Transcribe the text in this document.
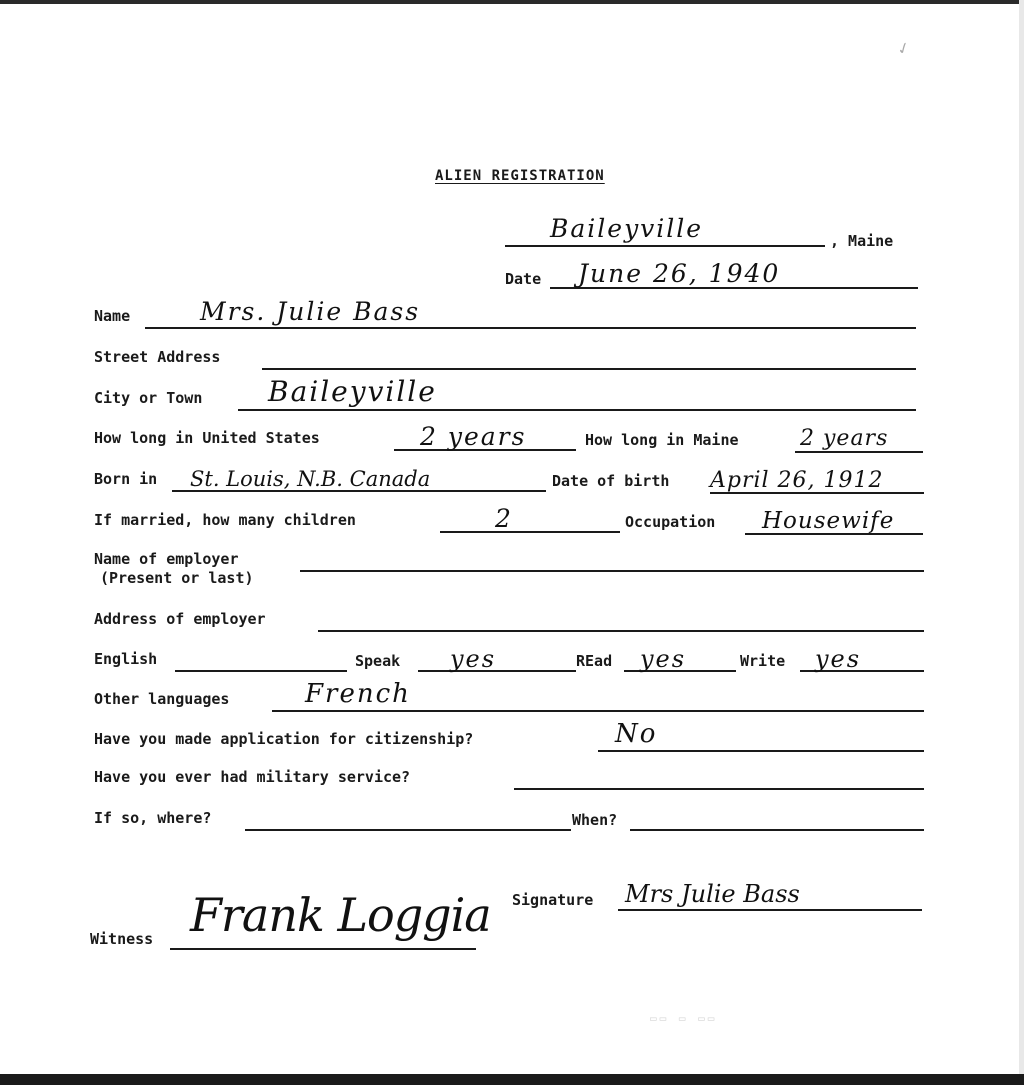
✓
ALIEN REGISTRATION
Baileyville	, Maine
Date June 26, 1940
Name	Mrs. Julie Bass
Street Address
City or Town Baileyville
How long in United States	2 years	How long in Maine	2 years
Born in St. Louis, N.B. Canada	Date of birth April 26, 1912
If married, how many children	2	Occupation Housewife
Name of employer
(Present or last)
Address of employer
English	Speak yes	REad yes	Write yes
Other languages	French
Have you made application for citizenship?	No
Have you ever had military service?
If so, where?	When?
Signature Mrs Julie Bass
Witness Frank Loggia
▭▭ ▭ ▭▭
